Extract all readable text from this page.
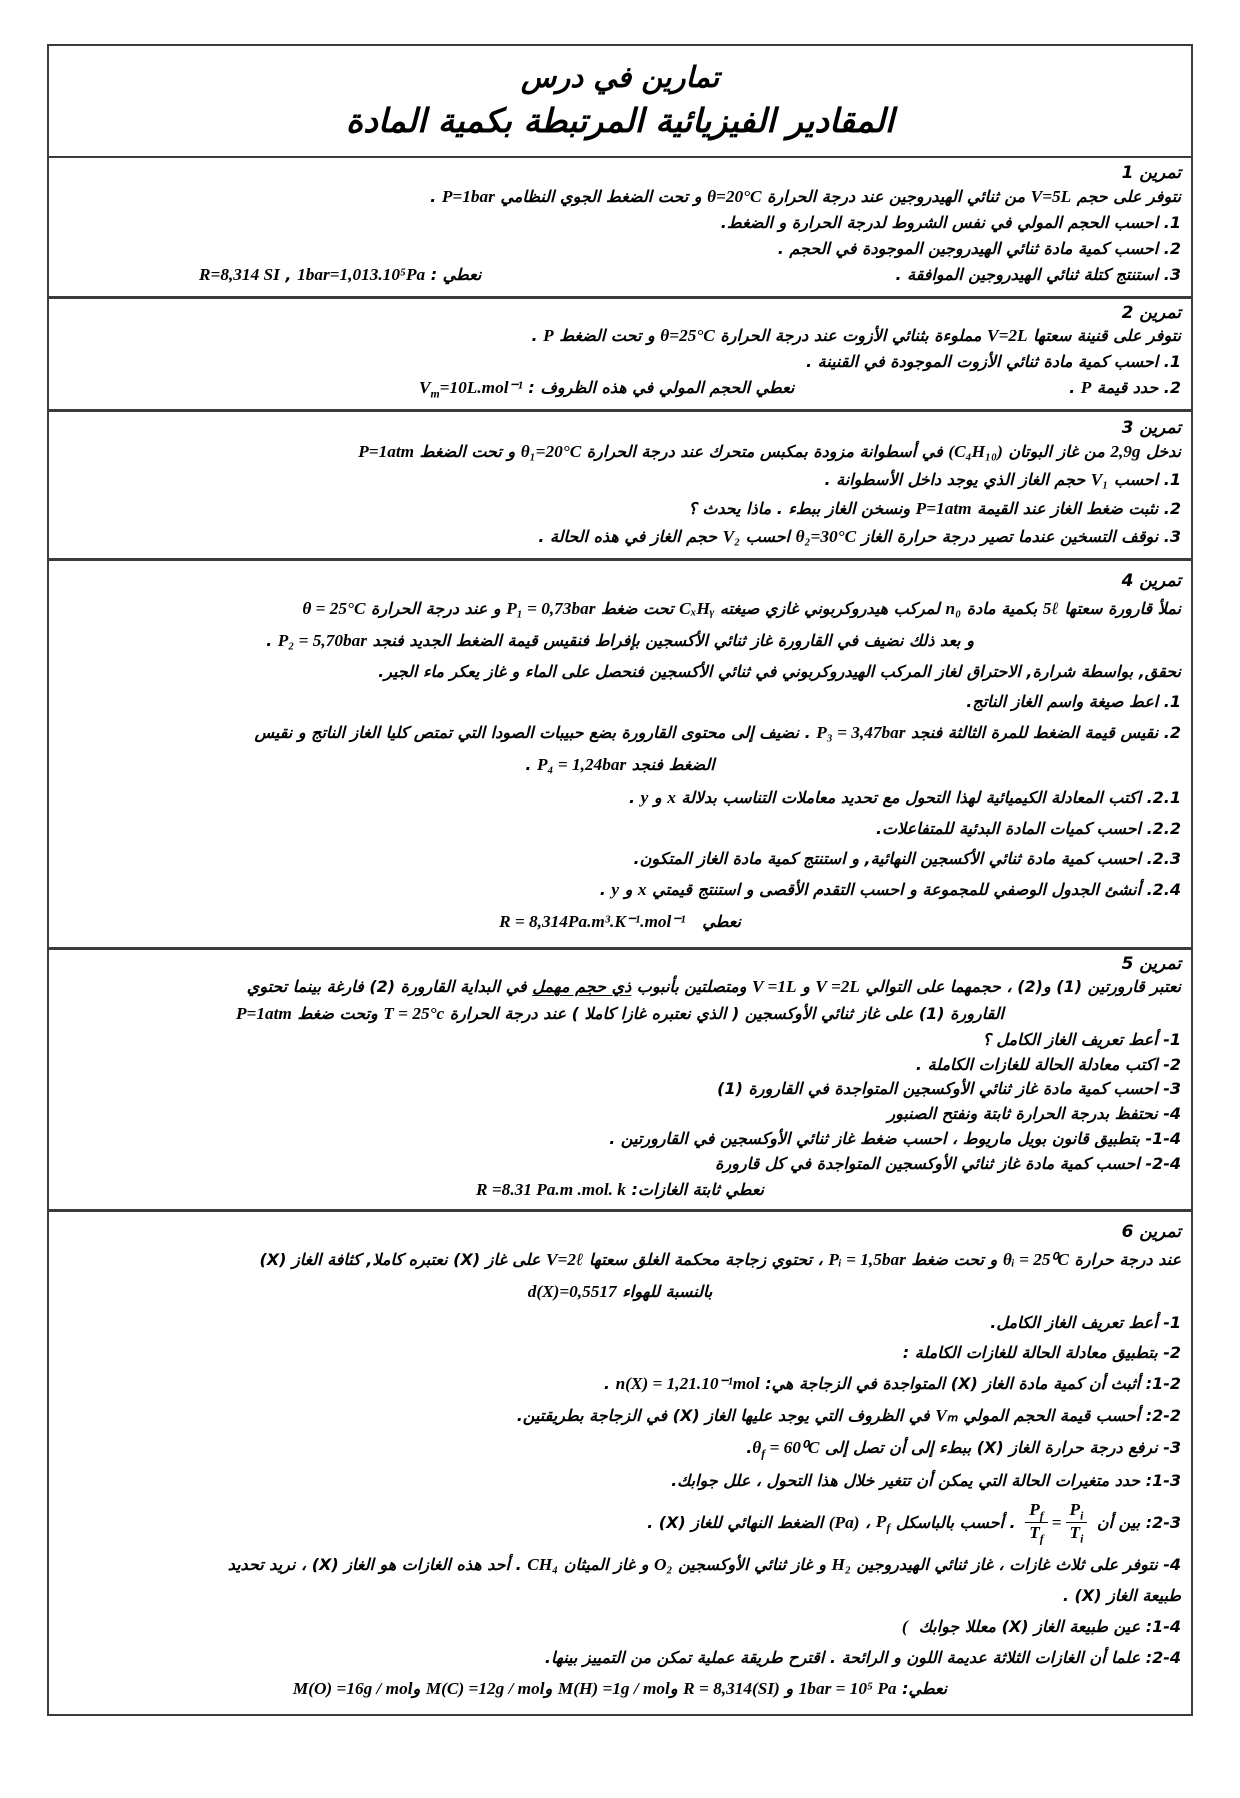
تمارين في درس
المقادير الفيزيائية المرتبطة بكمية المادة
تمرين 1
نتوفر على حجم V=5L من ثنائي الهيدروجين عند درجة الحرارة θ=20°C و تحت الضغط الجوي النظامي P=1bar .
1. احسب الحجم المولي في نفس الشروط لدرجة الحرارة و الضغط.
2. احسب كمية مادة ثنائي الهيدروجين الموجودة في الحجم .
3. استنتج كتلة ثنائي الهيدروجين الموافقة .
نعطي : R=8,314 SI , 1bar=1,013.10⁵Pa
تمرين 2
نتوفر على قنينة سعتها V=2L مملوءة بثنائي الأزوت عند درجة الحرارة θ=25°C و تحت الضغط P .
1. احسب كمية مادة ثنائي الأزوت الموجودة في القنينة .
2. حدد قيمة P .
نعطي الحجم المولي في هذه الظروف : $V_m=10L.mol^{-1}$
تمرين 3
ندخل 2,9g من غاز البوتان (C₄H₁₀) في أسطوانة مزودة بمكبس متحرك عند درجة الحرارة θ₁=20°C و تحت الضغط P=1atm
1. احسب V₁ حجم الغاز الذي يوجد داخل الأسطوانة .
2. نثبت ضغط الغاز عند القيمة P=1atm ونسخن الغاز ببطء . ماذا يحدث ؟
3. نوقف التسخين عندما تصير درجة حرارة الغاز θ₂=30°C احسب V₂ حجم الغاز في هذه الحالة .
تمرين 4
نملأ قارورة سعتها 5ℓ بكمية مادة n₀ لمركب هيدروكربوني غازي صيغته CₓHᵧ تحت ضغط P₁ = 0,73bar و عند درجة الحرارة θ = 25°C
و بعد ذلك نضيف في القارورة غاز ثنائي الأكسجين بإفراط فنقيس قيمة الضغط الجديد فنجد P₂ = 5,70bar .
نحقق, بواسطة شرارة, الاحتراق لغاز المركب الهيدروكربوني في ثنائي الأكسجين فنحصل على الماء و غاز يعكر ماء الجير.
1. اعط صيغة واسم الغاز الناتج.
2. نقيس قيمة الضغط للمرة الثالثة فنجد P₃ = 3,47bar . نضيف إلى محتوى القارورة بضع حبيبات الصودا التي تمتص كليا الغاز الناتج و نقيس
الضغط فنجد P₄ = 1,24bar .
2.1. اكتب المعادلة الكيميائية لهذا التحول مع تحديد معاملات التناسب بدلالة x و y .
2.2. احسب كميات المادة البدئية للمتفاعلات.
2.3. احسب كمية مادة ثنائي الأكسجين النهائية, و استنتج كمية مادة الغاز المتكون.
2.4. أنشئ الجدول الوصفي للمجموعة و احسب التقدم الأقصى و استنتج قيمتي x و y .
نعطي   R = 8,314Pa.m³.K⁻¹.mol⁻¹
تمرين 5
نعتبر قارورتين (1) و(2) ، حجمهما على التوالي V =2L و V =1L ومتصلتين بأنبوب ذي حجم مهمل في البداية القارورة (2) فارغة بينما تحتوي
القارورة (1) على غاز ثنائي الأوكسجين ( الذي نعتبره غازا كاملا ) عند درجة الحرارة T = 25°c وتحت ضغط P=1atm
1- أعط تعريف الغاز الكامل ؟
2- اكتب معادلة الحالة للغازات الكاملة .
3- احسب كمية مادة غاز ثنائي الأوكسجين المتواجدة في القارورة (1)
4- نحتفظ بدرجة الحرارة ثابتة ونفتح الصنبور
1-4- بتطبيق قانون بويل ماريوط ، احسب ضغط غاز ثنائي الأوكسجين في القارورتين .
2-4- احسب كمية مادة غاز ثنائي الأوكسجين المتواجدة في كل قارورة
نعطي ثابتة الغازات: R =8.31 Pa.m .mol. k
تمرين 6
عند درجة حرارة θᵢ = 25⁰C و تحت ضغط Pᵢ = 1,5bar ، تحتوي زجاجة محكمة الغلق سعتها V=2ℓ على غاز (X) نعتبره كاملا, كثافة الغاز (X)
بالنسبة للهواء d(X)=0,5517
1- أعط تعريف الغاز الكامل.
2- بتطبيق معادلة الحالة للغازات الكاملة :
1-2: أثبث أن كمية مادة الغاز (X) المتواجدة في الزجاجة هي: n(X) = 1,21.10⁻¹mol .
2-2: أحسب قيمة الحجم المولي Vₘ في الظروف التي يوجد عليها الغاز (X) في الزجاجة بطريقتين.
3- نرفع درجة حرارة الغاز (X) ببطء إلى أن تصل إلى $\theta_f = 60^0C$.
1-3: حدد متغيرات الحالة التي يمكن أن تتغير خلال هذا التحول ، علل جوابك.
2-3: بين أن
$\frac{P_i}{T_i}$
=
$\frac{P_f}{T_f}$
. أحسب بالباسكل (Pa) ، $P_f$ الضغط النهائي للغاز (X) .
4- نتوفر على ثلاث غازات ، غاز ثنائي الهيدروجين H₂ و غاز ثنائي الأوكسجين O₂ و غاز الميثان CH₄ . أحد هذه الغازات هو الغاز (X) ، نريد تحديد
طبيعة الغاز (X) .
1-4: عين طبيعة الغاز (X) معللا جوابك  (
2-4: علما أن الغازات الثلاثة عديمة اللون و الرائحة . اقترح طريقة عملية تمكن من التمييز بينها.
نعطي: 1bar = 10⁵ Pa و R = 8,314(SI) وM(H) =1g / mol وM(C) =12g / mol وM(O) =16g / mol
